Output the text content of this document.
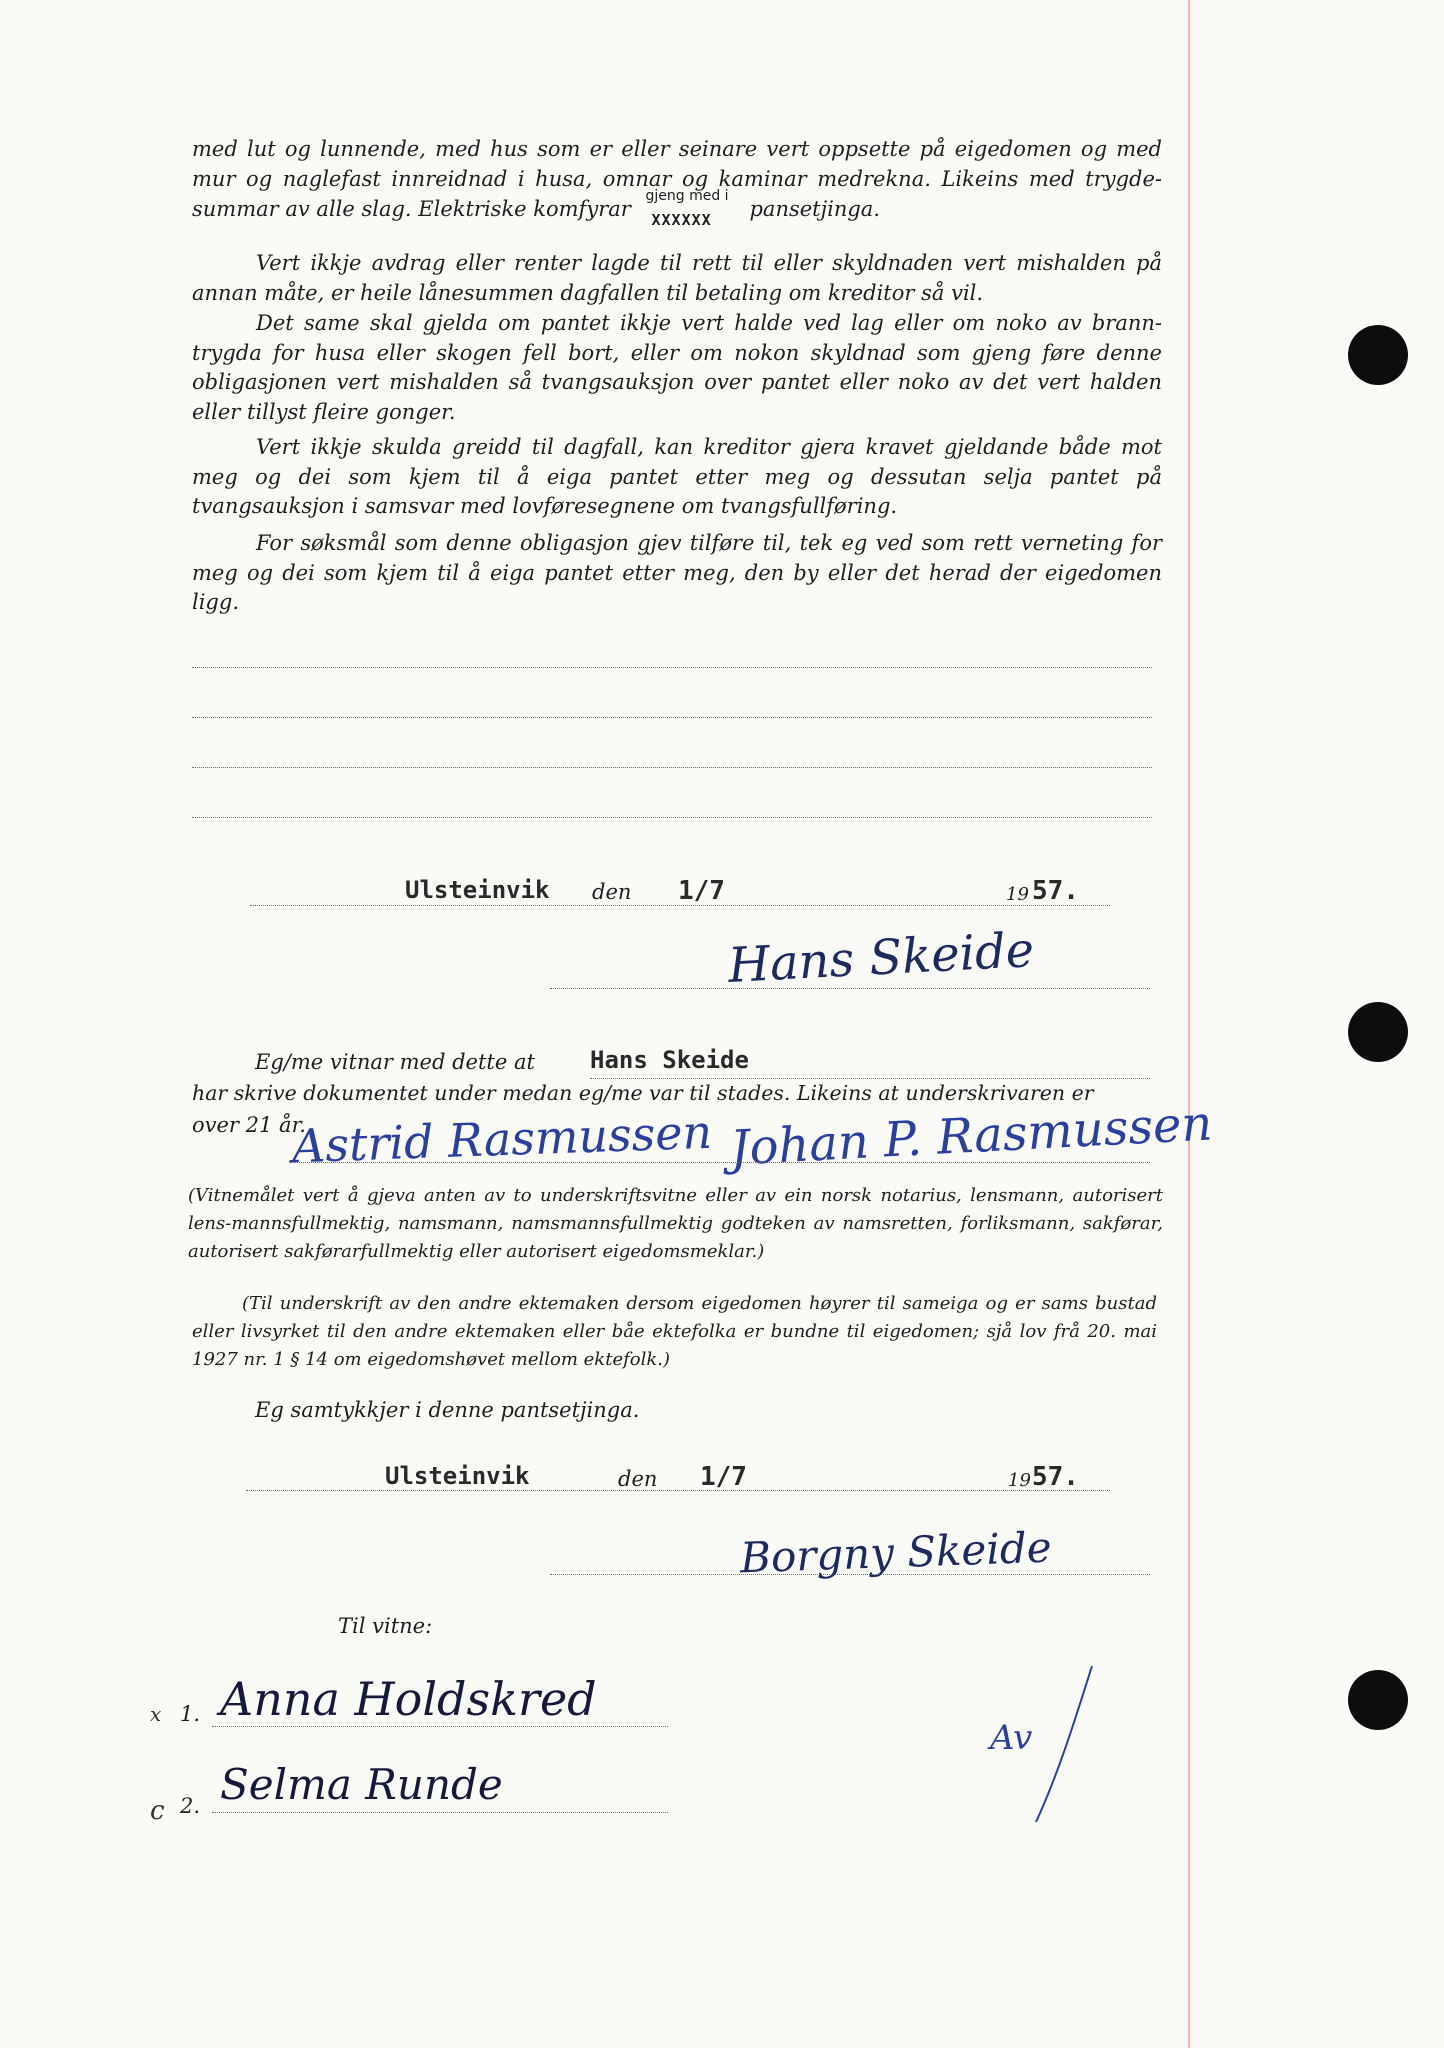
med lut og lunnende, med hus som er eller seinare vert oppsette på eigedomen og med mur og naglefast innreidnad i husa, omnar og kaminar medrekna. Likeins med trygde-summar av alle slag. Elektriske komfyrar
gjeng med i
XXXXXX pansetjinga.
Vert ikkje avdrag eller renter lagde til rett til eller skyldnaden vert mishalden på annan måte, er heile lånesummen dagfallen til betaling om kreditor så vil.
Det same skal gjelda om pantet ikkje vert halde ved lag eller om noko av brann-trygda for husa eller skogen fell bort, eller om nokon skyldnad som gjeng føre denne obligasjonen vert mishalden så tvangsauksjon over pantet eller noko av det vert halden eller tillyst fleire gonger.
Vert ikkje skulda greidd til dagfall, kan kreditor gjera kravet gjeldande både mot meg og dei som kjem til å eiga pantet etter meg og dessutan selja pantet på tvangsauksjon i samsvar med lovføresegnene om tvangsfullføring.
For søksmål som denne obligasjon gjev tilføre til, tek eg ved som rett verneting for meg og dei som kjem til å eiga pantet etter meg, den by eller det herad der eigedomen ligg.
Ulsteinvik den 1/7	19 57.
Hans Skeide
Eg/me vitnar med dette at Hans Skeide
har skrive dokumentet under medan eg/me var til stades. Likeins at underskrivaren er
over 21 år.
Astrid Rasmussen Johan P. Rasmussen
(Vitnemålet vert å gjeva anten av to underskriftsvitne eller av ein norsk notarius, lensmann, autorisert lens-mannsfullmektig, namsmann, namsmannsfullmektig godteken av namsretten, forliksmann, sakførar, autorisert sakførarfullmektig eller autorisert eigedomsmeklar.)
(Til underskrift av den andre ektemaken dersom eigedomen høyrer til sameiga og er sams bustad eller livsyrket til den andre ektemaken eller båe ektefolka er bundne til eigedomen; sjå lov frå 20. mai 1927 nr. 1 § 14 om eigedomshøvet mellom ektefolk.)
Eg samtykkjer i denne pantsetjinga.
Ulsteinvik	den 1/7	19 57.
Borgny Skeide
Til vitne:
x 1. Anna Holdskred
c 2. Selma Runde
Av
